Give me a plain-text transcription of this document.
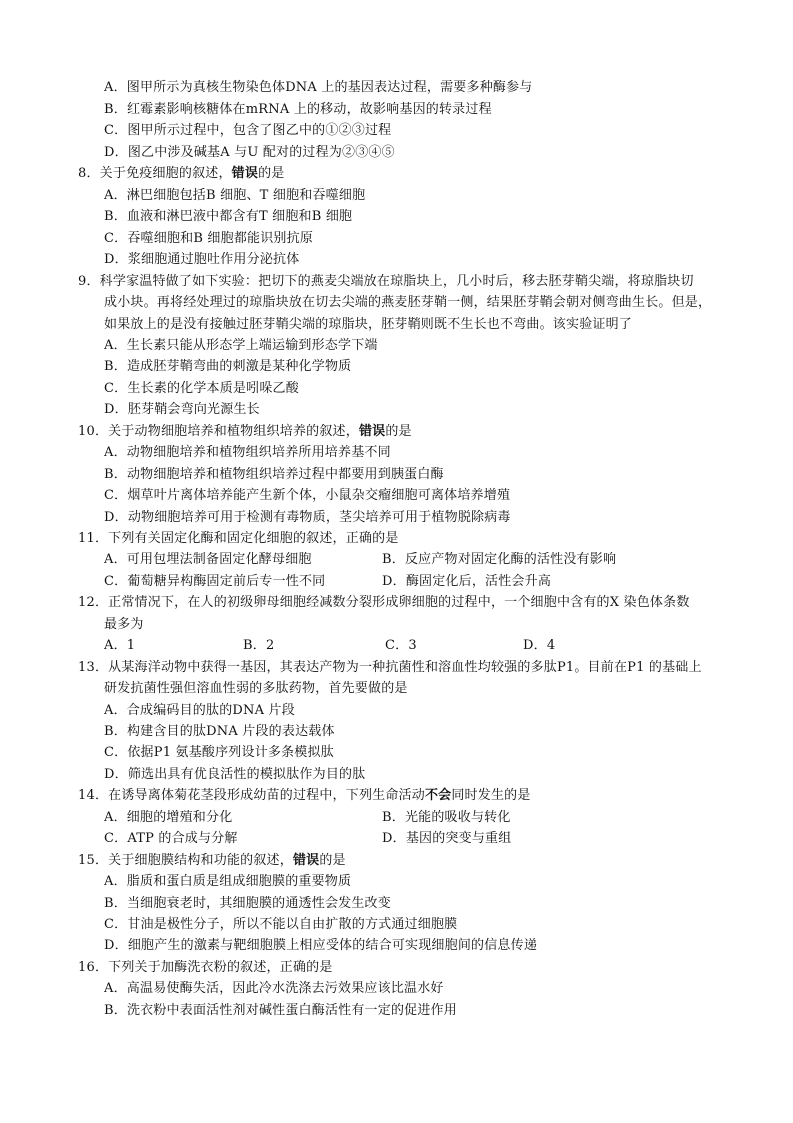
A．图甲所示为真核生物染色体DNA 上的基因表达过程，需要多种酶参与
B．红霉素影响核糖体在mRNA 上的移动，故影响基因的转录过程
C．图甲所示过程中，包含了图乙中的①②③过程
D．图乙中涉及碱基A 与U 配对的过程为②③④⑤
8．关于免疫细胞的叙述，错误的是
A．淋巴细胞包括B 细胞、T 细胞和吞噬细胞
B．血液和淋巴液中都含有T 细胞和B 细胞
C．吞噬细胞和B 细胞都能识别抗原
D．浆细胞通过胞吐作用分泌抗体
9．科学家温特做了如下实验：把切下的燕麦尖端放在琼脂块上，几小时后，移去胚芽鞘尖端，将琼脂块切
成小块。再将经处理过的琼脂块放在切去尖端的燕麦胚芽鞘一侧，结果胚芽鞘会朝对侧弯曲生长。但是，
如果放上的是没有接触过胚芽鞘尖端的琼脂块，胚芽鞘则既不生长也不弯曲。该实验证明了
A．生长素只能从形态学上端运输到形态学下端
B．造成胚芽鞘弯曲的刺激是某种化学物质
C．生长素的化学本质是吲哚乙酸
D．胚芽鞘会弯向光源生长
10．关于动物细胞培养和植物组织培养的叙述，错误的是
A．动物细胞培养和植物组织培养所用培养基不同
B．动物细胞培养和植物组织培养过程中都要用到胰蛋白酶
C．烟草叶片离体培养能产生新个体，小鼠杂交瘤细胞可离体培养增殖
D．动物细胞培养可用于检测有毒物质，茎尖培养可用于植物脱除病毒
11．下列有关固定化酶和固定化细胞的叙述，正确的是
A．可用包埋法制备固定化酵母细胞	B．反应产物对固定化酶的活性没有影响
C．葡萄糖异构酶固定前后专一性不同	D．酶固定化后，活性会升高
12．正常情况下，在人的初级卵母细胞经减数分裂形成卵细胞的过程中，一个细胞中含有的X 染色体条数
最多为
A．1	B．2	C．3	D．4
13．从某海洋动物中获得一基因，其表达产物为一种抗菌性和溶血性均较强的多肽P1。目前在P1 的基础上
研发抗菌性强但溶血性弱的多肽药物，首先要做的是
A．合成编码目的肽的DNA 片段
B．构建含目的肽DNA 片段的表达载体
C．依据P1 氨基酸序列设计多条模拟肽
D．筛选出具有优良活性的模拟肽作为目的肽
14．在诱导离体菊花茎段形成幼苗的过程中，下列生命活动不会同时发生的是
A．细胞的增殖和分化	B．光能的吸收与转化
C．ATP 的合成与分解	D．基因的突变与重组
15．关于细胞膜结构和功能的叙述，错误的是
A．脂质和蛋白质是组成细胞膜的重要物质
B．当细胞衰老时，其细胞膜的通透性会发生改变
C．甘油是极性分子，所以不能以自由扩散的方式通过细胞膜
D．细胞产生的激素与靶细胞膜上相应受体的结合可实现细胞间的信息传递
16．下列关于加酶洗衣粉的叙述，正确的是
A．高温易使酶失活，因此冷水洗涤去污效果应该比温水好
B．洗衣粉中表面活性剂对碱性蛋白酶活性有一定的促进作用
